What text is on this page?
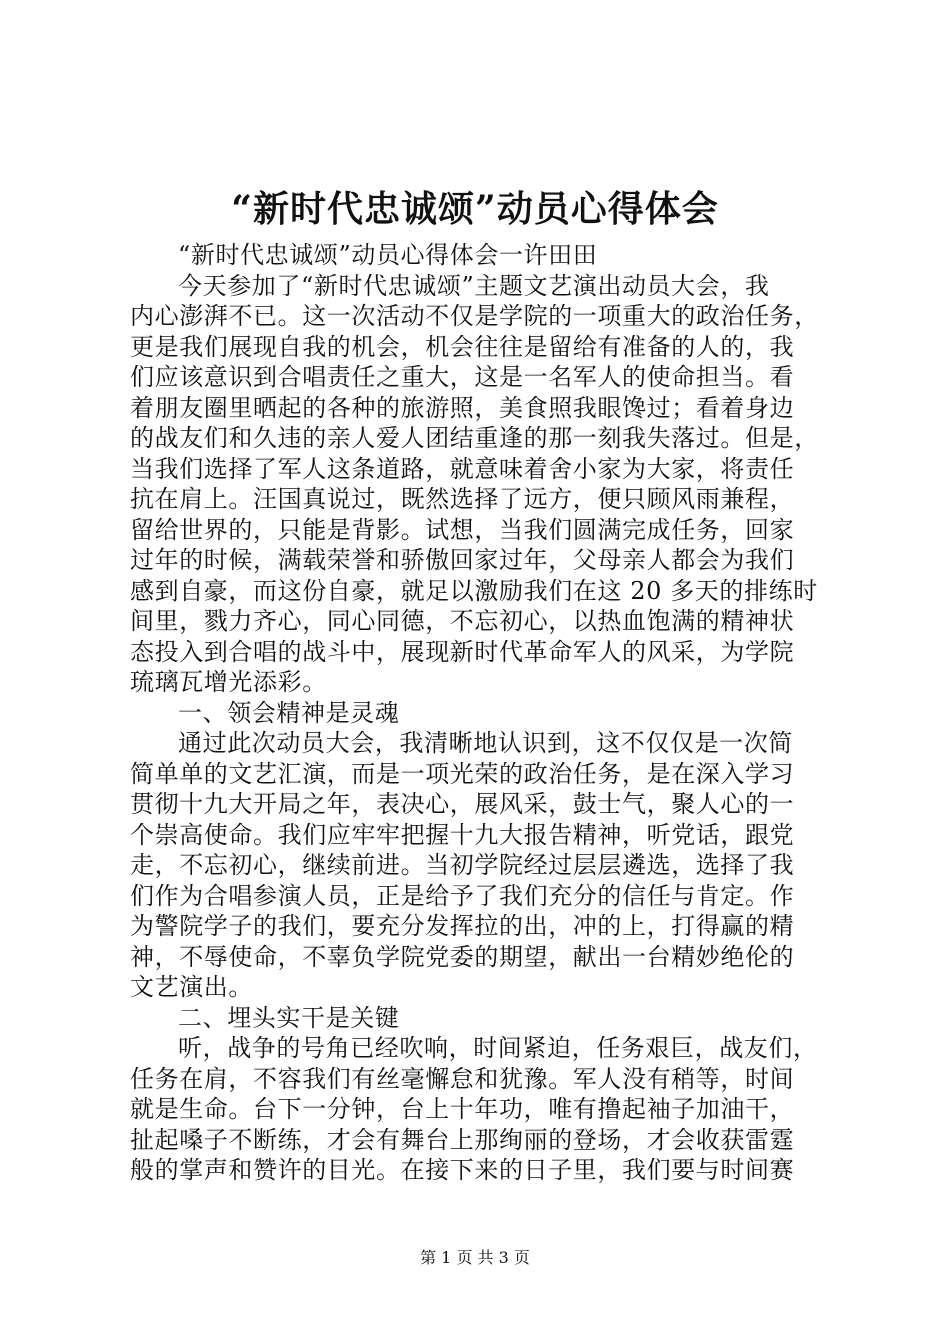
“新时代忠诚颂”动员心得体会
“新时代忠诚颂”动员心得体会一许田田
今天参加了“新时代忠诚颂”主题文艺演出动员大会，我
内心澎湃不已。这一次活动不仅是学院的一项重大的政治任务，
更是我们展现自我的机会，机会往往是留给有准备的人的，我
们应该意识到合唱责任之重大，这是一名军人的使命担当。看
着朋友圈里晒起的各种的旅游照，美食照我眼馋过；看着身边
的战友们和久违的亲人爱人团结重逢的那一刻我失落过。但是，
当我们选择了军人这条道路，就意味着舍小家为大家，将责任
抗在肩上。汪国真说过，既然选择了远方，便只顾风雨兼程，
留给世界的，只能是背影。试想，当我们圆满完成任务，回家
过年的时候，满载荣誉和骄傲回家过年，父母亲人都会为我们
感到自豪，而这份自豪，就足以激励我们在这 20 多天的排练时
间里，戮力齐心，同心同德，不忘初心，以热血饱满的精神状
态投入到合唱的战斗中，展现新时代革命军人的风采，为学院
琉璃瓦增光添彩。
一、领会精神是灵魂
通过此次动员大会，我清晰地认识到，这不仅仅是一次简
简单单的文艺汇演，而是一项光荣的政治任务，是在深入学习
贯彻十九大开局之年，表决心，展风采，鼓士气，聚人心的一
个崇高使命。我们应牢牢把握十九大报告精神，听党话，跟党
走，不忘初心，继续前进。当初学院经过层层遴选，选择了我
们作为合唱参演人员，正是给予了我们充分的信任与肯定。作
为警院学子的我们，要充分发挥拉的出，冲的上，打得赢的精
神，不辱使命，不辜负学院党委的期望，献出一台精妙绝伦的
文艺演出。
二、埋头实干是关键
听，战争的号角已经吹响，时间紧迫，任务艰巨，战友们，
任务在肩，不容我们有丝毫懈怠和犹豫。军人没有稍等，时间
就是生命。台下一分钟，台上十年功，唯有撸起袖子加油干，
扯起嗓子不断练，才会有舞台上那绚丽的登场，才会收获雷霆
般的掌声和赞许的目光。在接下来的日子里，我们要与时间赛
第 1 页 共 3 页
